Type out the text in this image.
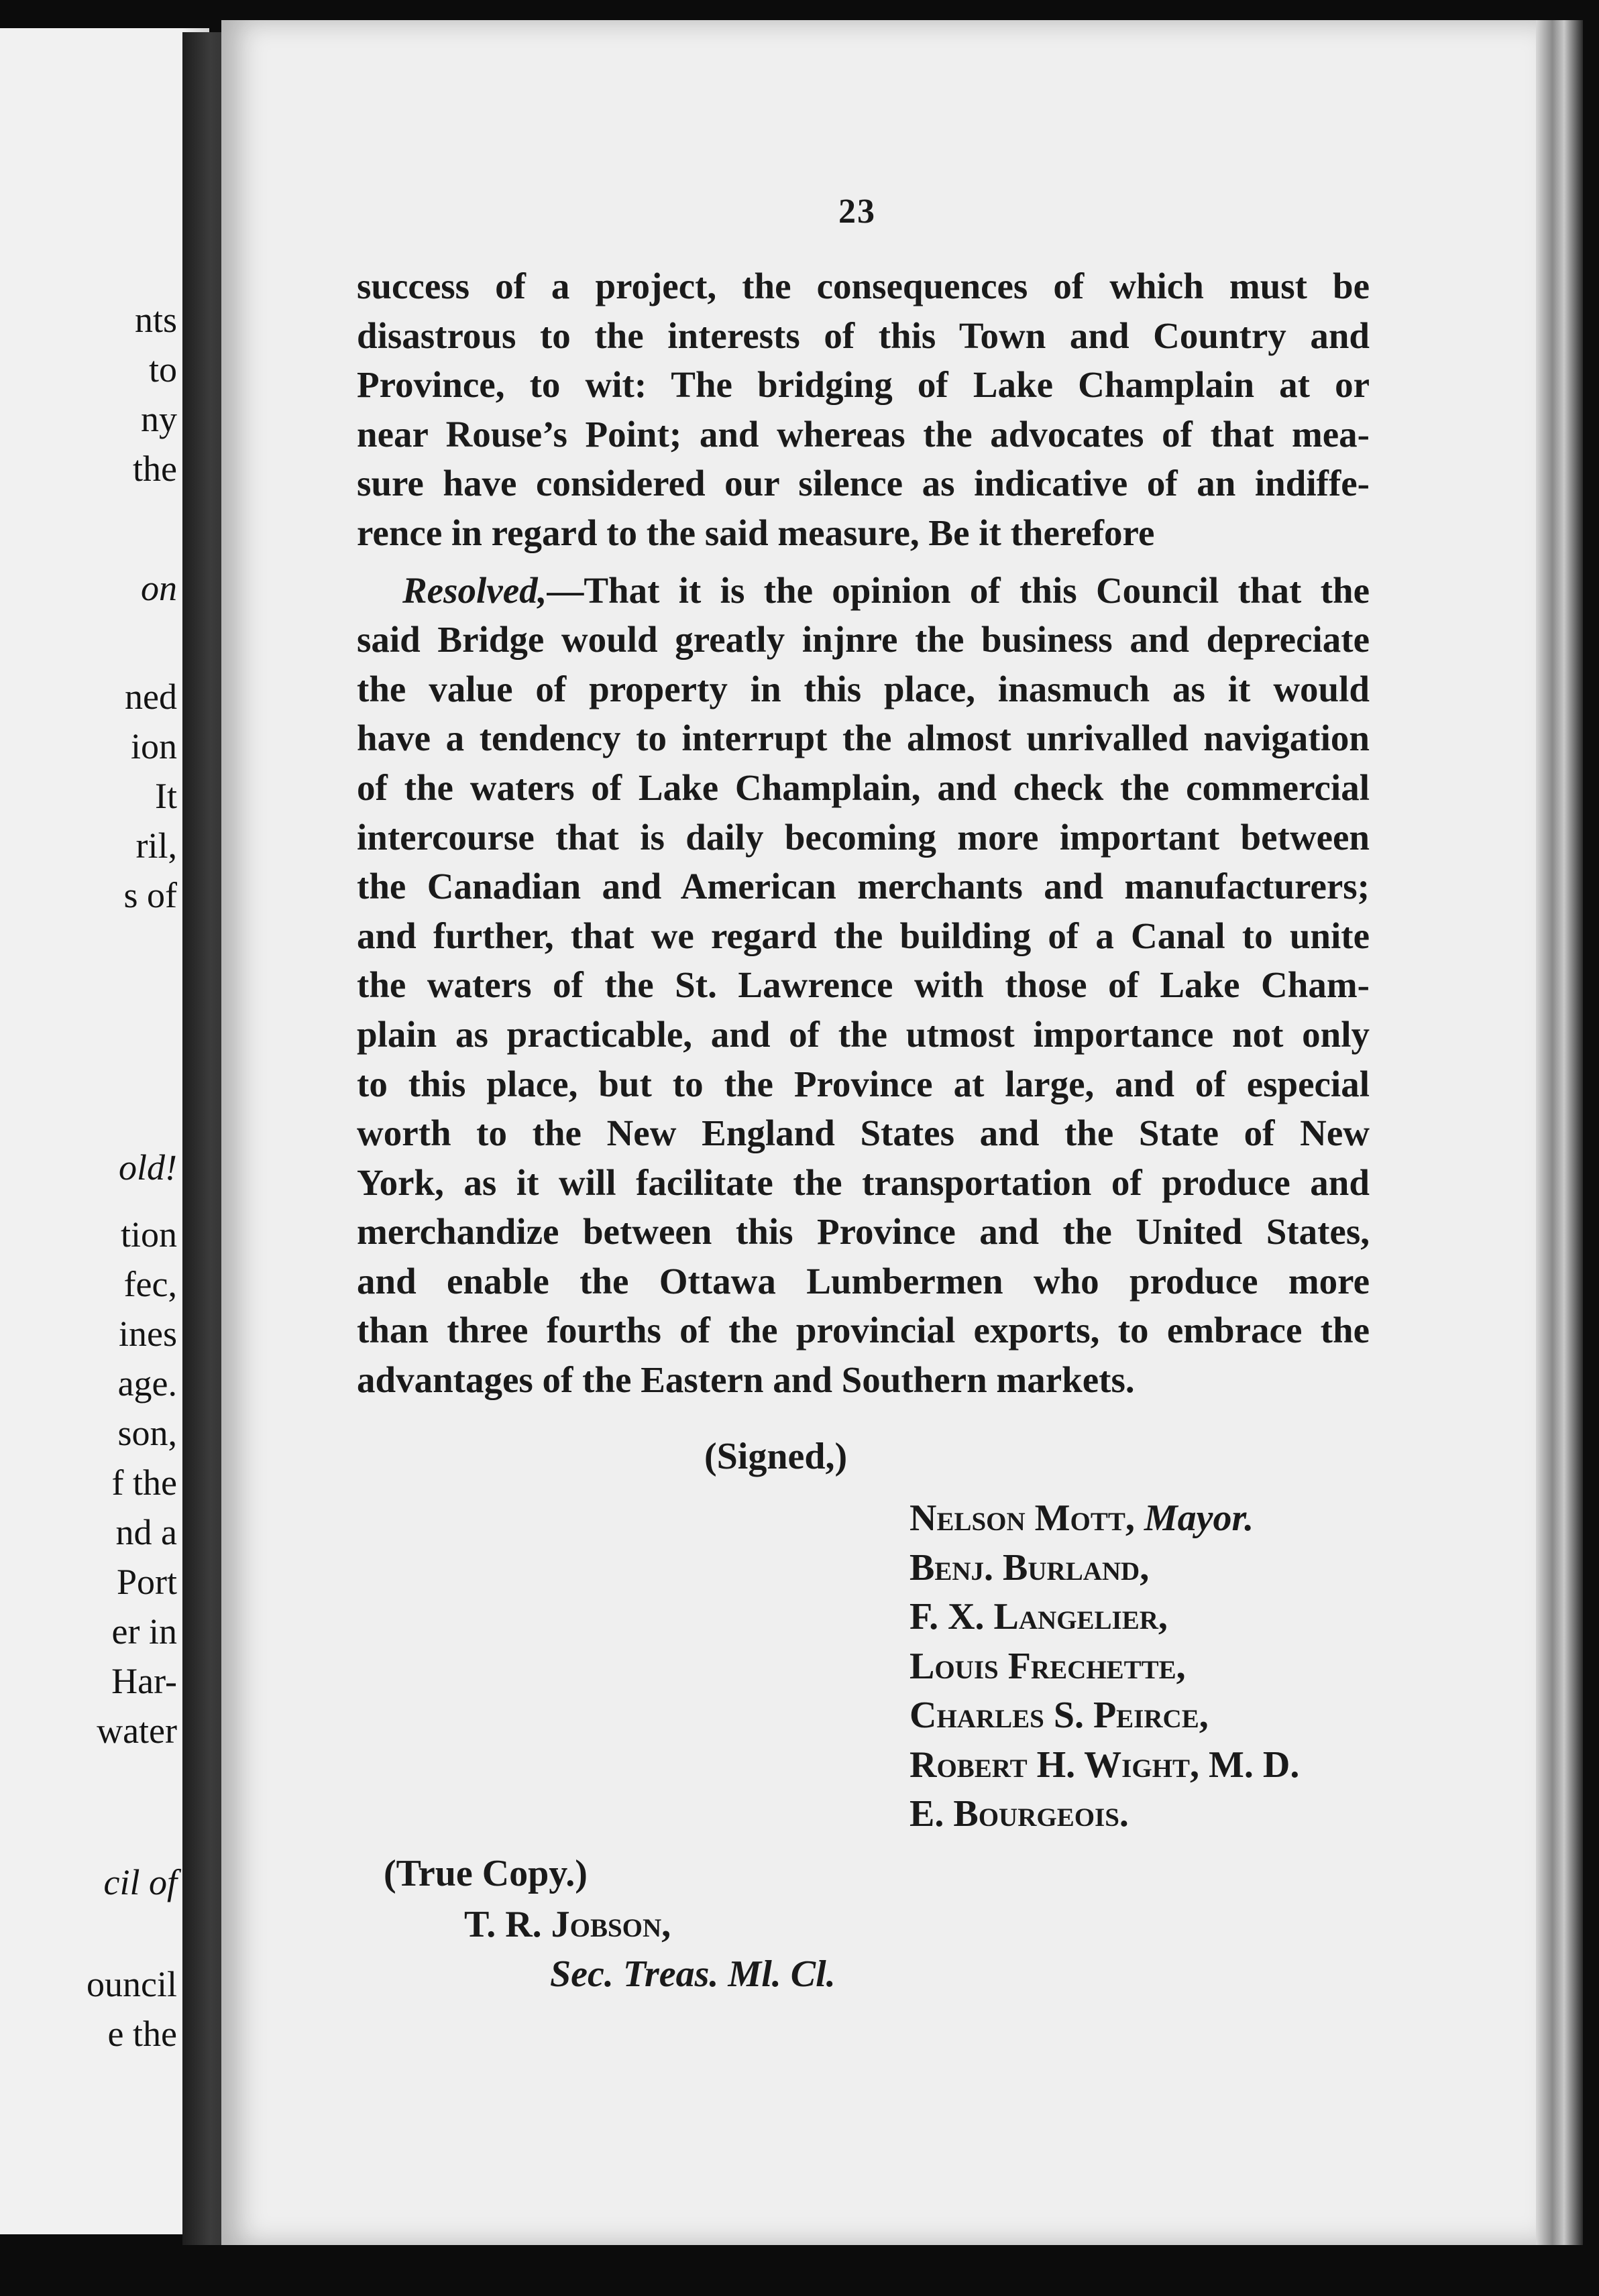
nts

to

ny

the

on

ned

ion

It

ril,

s of

old!

tion

fec,

ines

age.

son,

f the

nd a

Port

er in

Har-

water

cil of

ouncil

e the

23

success of a project, the consequences of which must be
disastrous to the interests of this Town and Country and
Province, to wit: The bridging of Lake Champlain at or
near Rouse’s Point; and whereas the advocates of that mea-
sure have considered our silence as indicative of an indiffe-
rence in regard to the said measure, Be it therefore
Resolved,—That it is the opinion of this Council that the
said Bridge would greatly injnre the business and depreciate
the value of property in this place, inasmuch as it would
have a tendency to interrupt the almost unrivalled navigation
of the waters of Lake Champlain, and check the commercial
intercourse that is daily becoming more important between
the Canadian and American merchants and manufacturers;
and further, that we regard the building of a Canal to unite
the waters of the St. Lawrence with those of Lake Cham-
plain as practicable, and of the utmost importance not only
to this place, but to the Province at large, and of especial
worth to the New England States and the State of New
York, as it will facilitate the transportation of produce and
merchandize between this Province and the United States,
and enable the Ottawa Lumbermen who produce more
than three fourths of the provincial exports, to embrace the
advantages of the Eastern and Southern markets.

(Signed,)

Nelson Mott, Mayor.
Benj. Burland,
F. X. Langelier,
Louis Frechette,
Charles S. Peirce,
Robert H. Wight, M. D.
E. Bourgeois.

(True Copy.)

T. R. Jobson,

Sec. Treas. Ml. Cl.
